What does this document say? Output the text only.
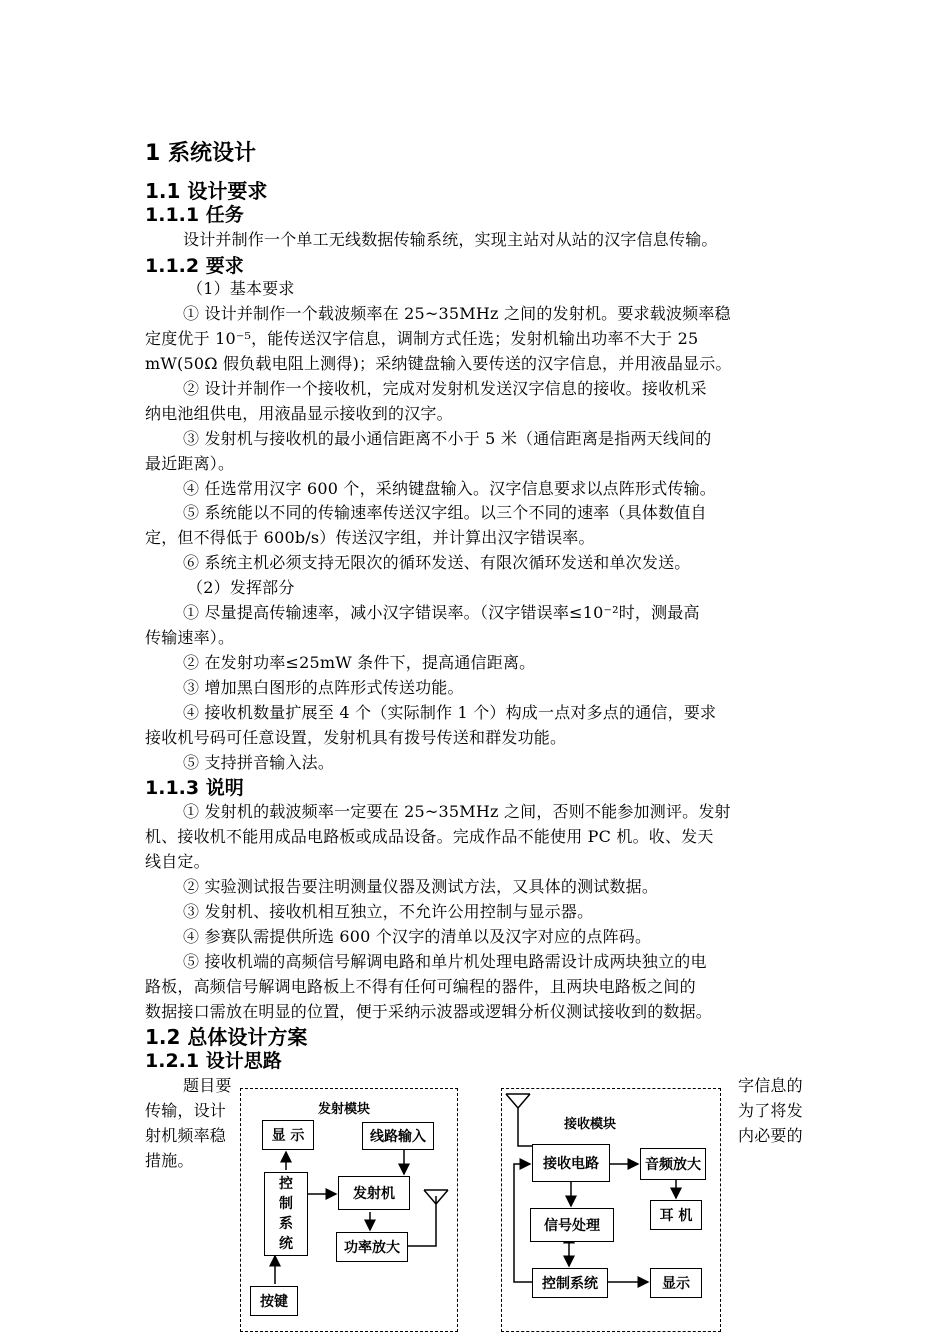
1 系统设计
1.1 设计要求
1.1.1 任务
设计并制作一个单工无线数据传输系统，实现主站对从站的汉字信息传输。
1.1.2 要求
（1）基本要求
① 设计并制作一个载波频率在 25~35MHz 之间的发射机。要求载波频率稳
定度优于 10⁻⁵，能传送汉字信息，调制方式任选；发射机输出功率不大于 25
mW(50Ω 假负载电阻上测得)；采纳键盘输入要传送的汉字信息，并用液晶显示。
② 设计并制作一个接收机，完成对发射机发送汉字信息的接收。接收机采
纳电池组供电，用液晶显示接收到的汉字。
③ 发射机与接收机的最小通信距离不小于 5 米（通信距离是指两天线间的
最近距离）。
④ 任选常用汉字 600 个，采纳键盘输入。汉字信息要求以点阵形式传输。
⑤ 系统能以不同的传输速率传送汉字组。以三个不同的速率（具体数值自
定，但不得低于 600b/s）传送汉字组，并计算出汉字错误率。
⑥ 系统主机必须支持无限次的循环发送、有限次循环发送和单次发送。
（2）发挥部分
① 尽量提高传输速率，减小汉字错误率。（汉字错误率≤10⁻²时，测最高
传输速率）。
② 在发射功率≤25mW 条件下，提高通信距离。
③ 增加黑白图形的点阵形式传送功能。
④ 接收机数量扩展至 4 个（实际制作 1 个）构成一点对多点的通信，要求
接收机号码可任意设置，发射机具有拨号传送和群发功能。
⑤ 支持拼音输入法。
1.1.3 说明
① 发射机的载波频率一定要在 25~35MHz 之间，否则不能参加测评。发射
机、接收机不能用成品电路板或成品设备。完成作品不能使用 PC 机。收、发天
线自定。
② 实验测试报告要注明测量仪器及测试方法，又具体的测试数据。
③ 发射机、接收机相互独立，不允许公用控制与显示器。
④ 参赛队需提供所选 600 个汉字的清单以及汉字对应的点阵码。
⑤ 接收机端的高频信号解调电路和单片机处理电路需设计成两块独立的电
路板，高频信号解调电路板上不得有任何可编程的器件，且两块电路板之间的
数据接口需放在明显的位置，便于采纳示波器或逻辑分析仪测试接收到的数据。
1.2 总体设计方案
1.2.1 设计思路
题目要	字信息的
传输，设计	为了将发
射机频率稳	内必要的
措施。
发射模块
显 示	线路输入
控
制
系
统
发射机
功率放大
按键
接收模块
接收电路	音频放大
耳 机
信号处理
控制系统	显示
